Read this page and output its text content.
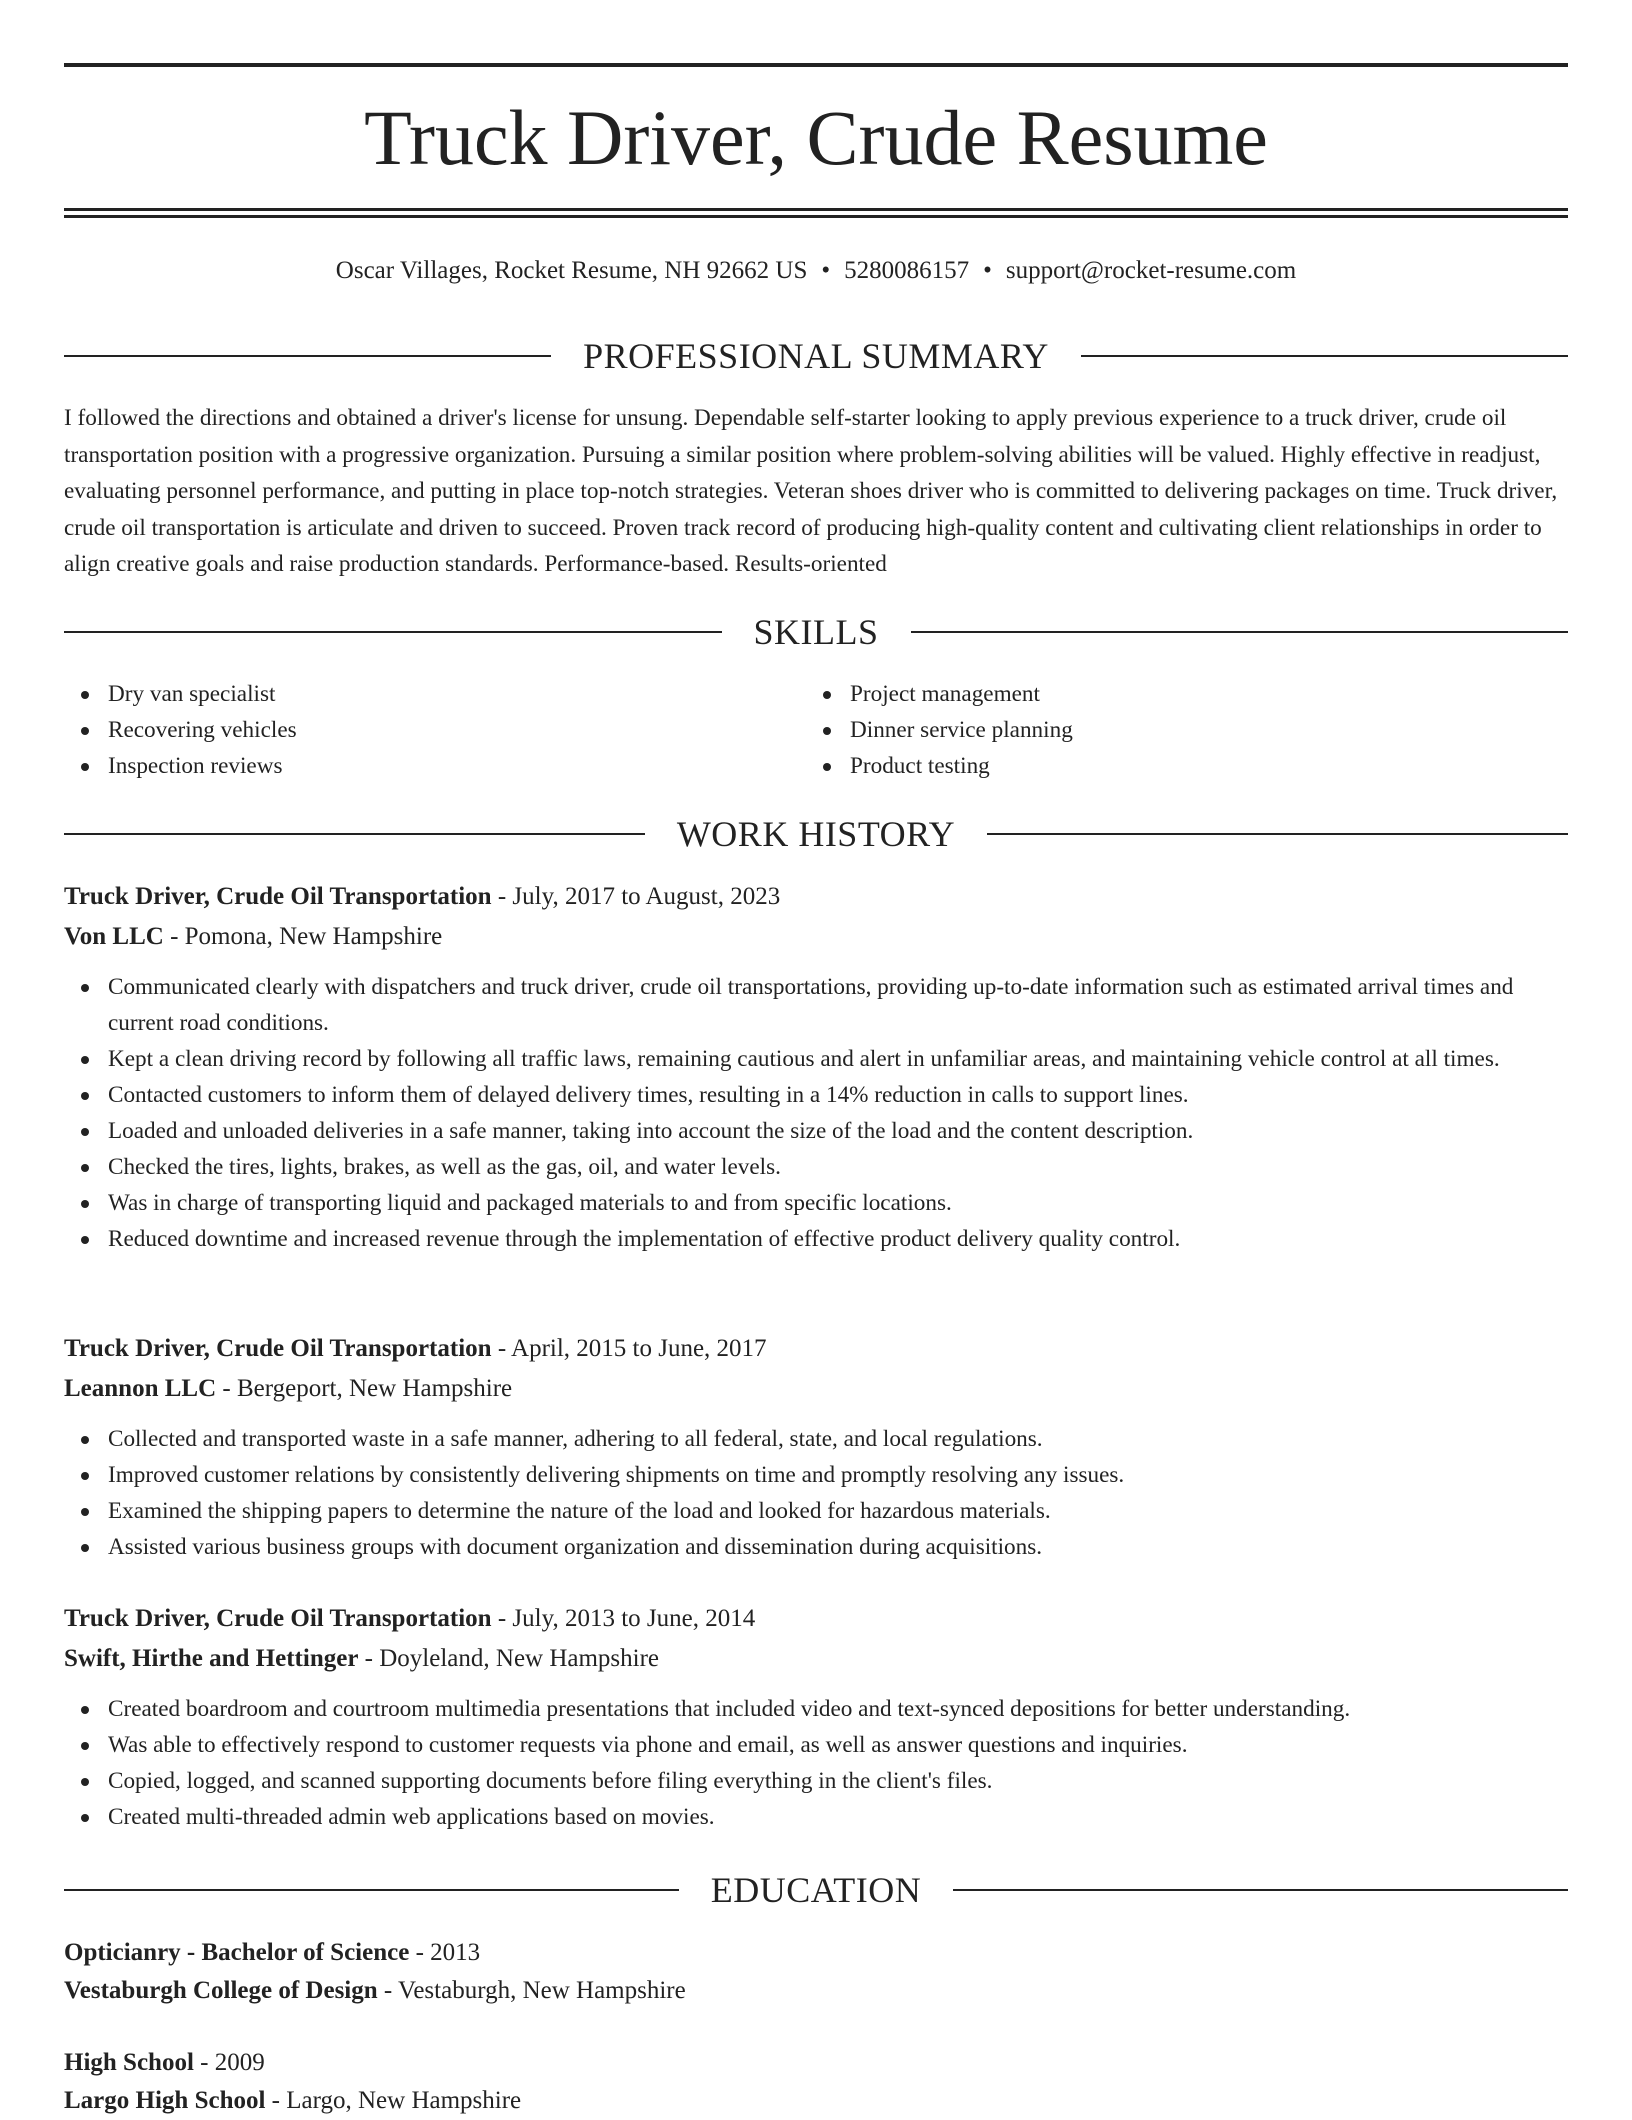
Truck Driver, Crude Resume
Oscar Villages, Rocket Resume, NH 92662 US • 5280086157 • support@rocket-resume.com
PROFESSIONAL SUMMARY

I followed the directions and obtained a driver's license for unsung. Dependable self-starter looking to apply previous experience to a truck driver, crude oil transportation position with a progressive organization. Pursuing a similar position where problem-solving abilities will be valued. Highly effective in readjust, evaluating personnel performance, and putting in place top-notch strategies. Veteran shoes driver who is committed to delivering packages on time. Truck driver, crude oil transportation is articulate and driven to succeed. Proven track record of producing high-quality content and cultivating client relationships in order to align creative goals and raise production standards. Performance-based. Results-oriented

SKILLS
Dry van specialist
Recovering vehicles
Inspection reviews
Project management
Dinner service planning
Product testing
WORK HISTORY
Truck Driver, Crude Oil Transportation - July, 2017 to August, 2023
Von LLC - Pomona, New Hampshire
Communicated clearly with dispatchers and truck driver, crude oil transportations, providing up-to-date information such as estimated arrival times and current road conditions.
Kept a clean driving record by following all traffic laws, remaining cautious and alert in unfamiliar areas, and maintaining vehicle control at all times.
Contacted customers to inform them of delayed delivery times, resulting in a 14% reduction in calls to support lines.
Loaded and unloaded deliveries in a safe manner, taking into account the size of the load and the content description.
Checked the tires, lights, brakes, as well as the gas, oil, and water levels.
Was in charge of transporting liquid and packaged materials to and from specific locations.
Reduced downtime and increased revenue through the implementation of effective product delivery quality control.
Truck Driver, Crude Oil Transportation - April, 2015 to June, 2017
Leannon LLC - Bergeport, New Hampshire
Collected and transported waste in a safe manner, adhering to all federal, state, and local regulations.
Improved customer relations by consistently delivering shipments on time and promptly resolving any issues.
Examined the shipping papers to determine the nature of the load and looked for hazardous materials.
Assisted various business groups with document organization and dissemination during acquisitions.
Truck Driver, Crude Oil Transportation - July, 2013 to June, 2014
Swift, Hirthe and Hettinger - Doyleland, New Hampshire
Created boardroom and courtroom multimedia presentations that included video and text-synced depositions for better understanding.
Was able to effectively respond to customer requests via phone and email, as well as answer questions and inquiries.
Copied, logged, and scanned supporting documents before filing everything in the client's files.
Created multi-threaded admin web applications based on movies.
EDUCATION
Opticianry - Bachelor of Science - 2013
Vestaburgh College of Design - Vestaburgh, New Hampshire
High School - 2009
Largo High School - Largo, New Hampshire
